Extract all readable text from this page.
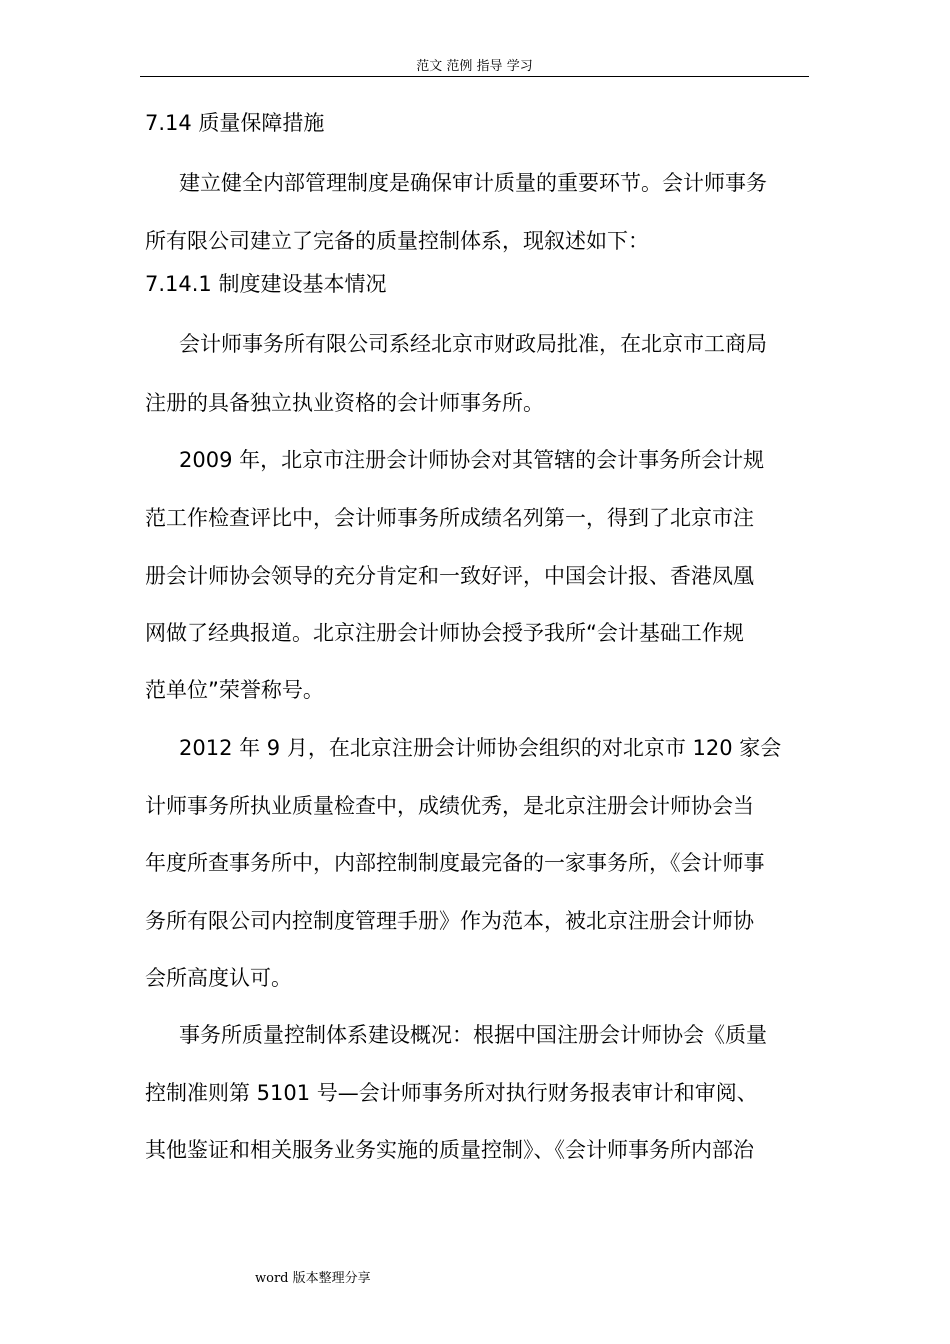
范文 范例 指导 学习
7.14 质量保障措施
建立健全内部管理制度是确保审计质量的重要环节。会计师事务
所有限公司建立了完备的质量控制体系，现叙述如下：
7.14.1 制度建设基本情况
会计师事务所有限公司系经北京市财政局批准，在北京市工商局
注册的具备独立执业资格的会计师事务所。
2009 年，北京市注册会计师协会对其管辖的会计事务所会计规
范工作检查评比中，会计师事务所成绩名列第一，得到了北京市注
册会计师协会领导的充分肯定和一致好评，中国会计报、香港凤凰
网做了经典报道。北京注册会计师协会授予我所“会计基础工作规
范单位”荣誉称号。
2012 年 9 月，在北京注册会计师协会组织的对北京市 120 家会
计师事务所执业质量检查中，成绩优秀，是北京注册会计师协会当
年度所查事务所中，内部控制制度最完备的一家事务所，《会计师事
务所有限公司内控制度管理手册》作为范本，被北京注册会计师协
会所高度认可。
事务所质量控制体系建设概况：根据中国注册会计师协会《质量
控制准则第 5101 号—会计师事务所对执行财务报表审计和审阅、
其他鉴证和相关服务业务实施的质量控制》、《会计师事务所内部治
word 版本整理分享
